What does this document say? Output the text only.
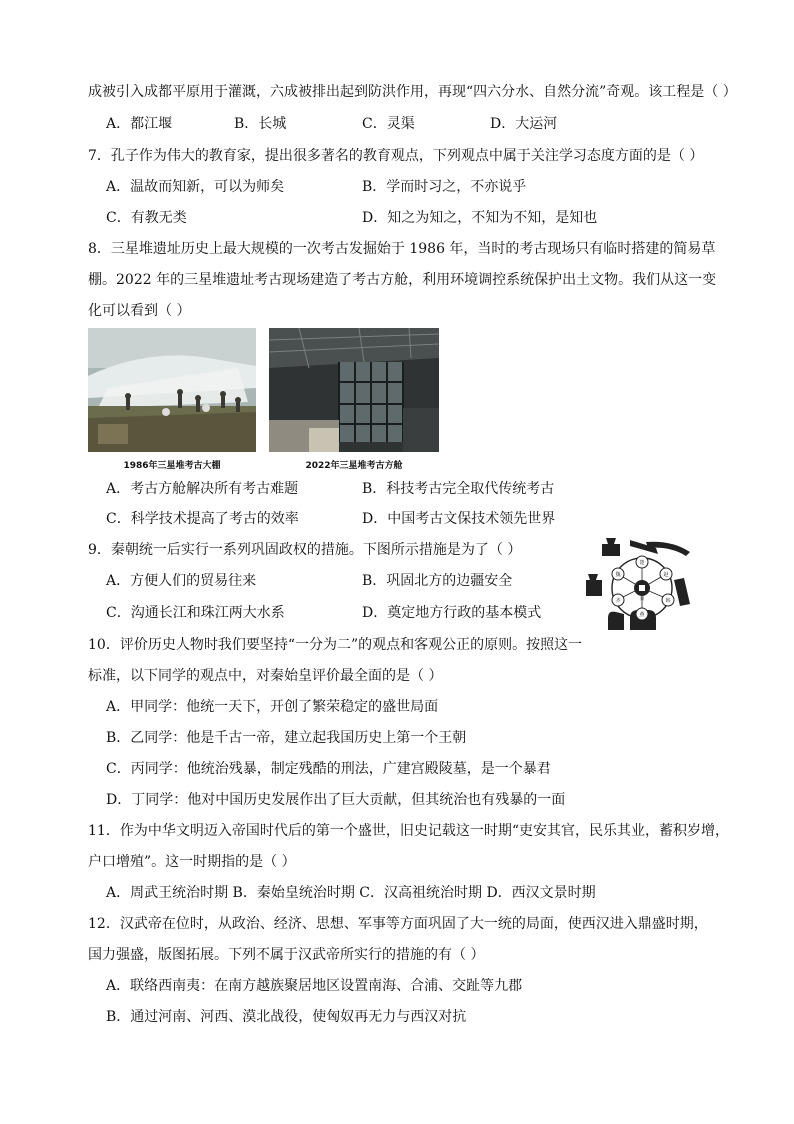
成被引入成都平原用于灌溉，六成被排出起到防洪作用，再现“四六分水、自然分流”奇观。该工程是（ ）
A．都江堰	B．长城	C．灵渠	D．大运河
7．孔子作为伟大的教育家，提出很多著名的教育观点，下列观点中属于关注学习态度方面的是（ ）
A．温故而知新，可以为师矣	B．学而时习之，不亦说乎
C．有教无类	D．知之为知之，不知为不知，是知也
8．三星堆遗址历史上最大规模的一次考古发掘始于 1986 年，当时的考古现场只有临时搭建的简易草
棚。2022 年的三星堆遗址考古现场建造了考古方舱，利用环境调控系统保护出土文物。我们从这一变
化可以看到（ ）
1986年三星堆考古大棚	2022年三星堆考古方舱
A．考古方舱解决所有考古难题	B．科技考古完全取代传统考古
C．科学技术提高了考古的效率	D．中国考古文保技术领先世界
9．秦朝统一后实行一系列巩固政权的措施。下图所示措施是为了（ ）
A．方便人们的贸易往来	B．巩固北方的边疆安全
C．沟通长江和珠江两大水系	D．奠定地方行政的基本模式
楚
赵
韩
燕
齐
魏
秦
10．评价历史人物时我们要坚持“一分为二”的观点和客观公正的原则。按照这一
标准，以下同学的观点中，对秦始皇评价最全面的是（ ）
A．甲同学：他统一天下，开创了繁荣稳定的盛世局面
B．乙同学：他是千古一帝，建立起我国历史上第一个王朝
C．丙同学：他统治残暴，制定残酷的刑法，广建宫殿陵墓，是一个暴君
D．丁同学：他对中国历史发展作出了巨大贡献，但其统治也有残暴的一面
11．作为中华文明迈入帝国时代后的第一个盛世，旧史记载这一时期“吏安其官，民乐其业，蓄积岁增，
户口增殖”。这一时期指的是（ ）
A．周武王统治时期 B．秦始皇统治时期 C．汉高祖统治时期 D．西汉文景时期
12．汉武帝在位时，从政治、经济、思想、军事等方面巩固了大一统的局面，使西汉进入鼎盛时期，
国力强盛，版图拓展。下列不属于汉武帝所实行的措施的有（ ）
A．联络西南夷：在南方越族聚居地区设置南海、合浦、交趾等九郡
B．通过河南、河西、漠北战役，使匈奴再无力与西汉对抗
